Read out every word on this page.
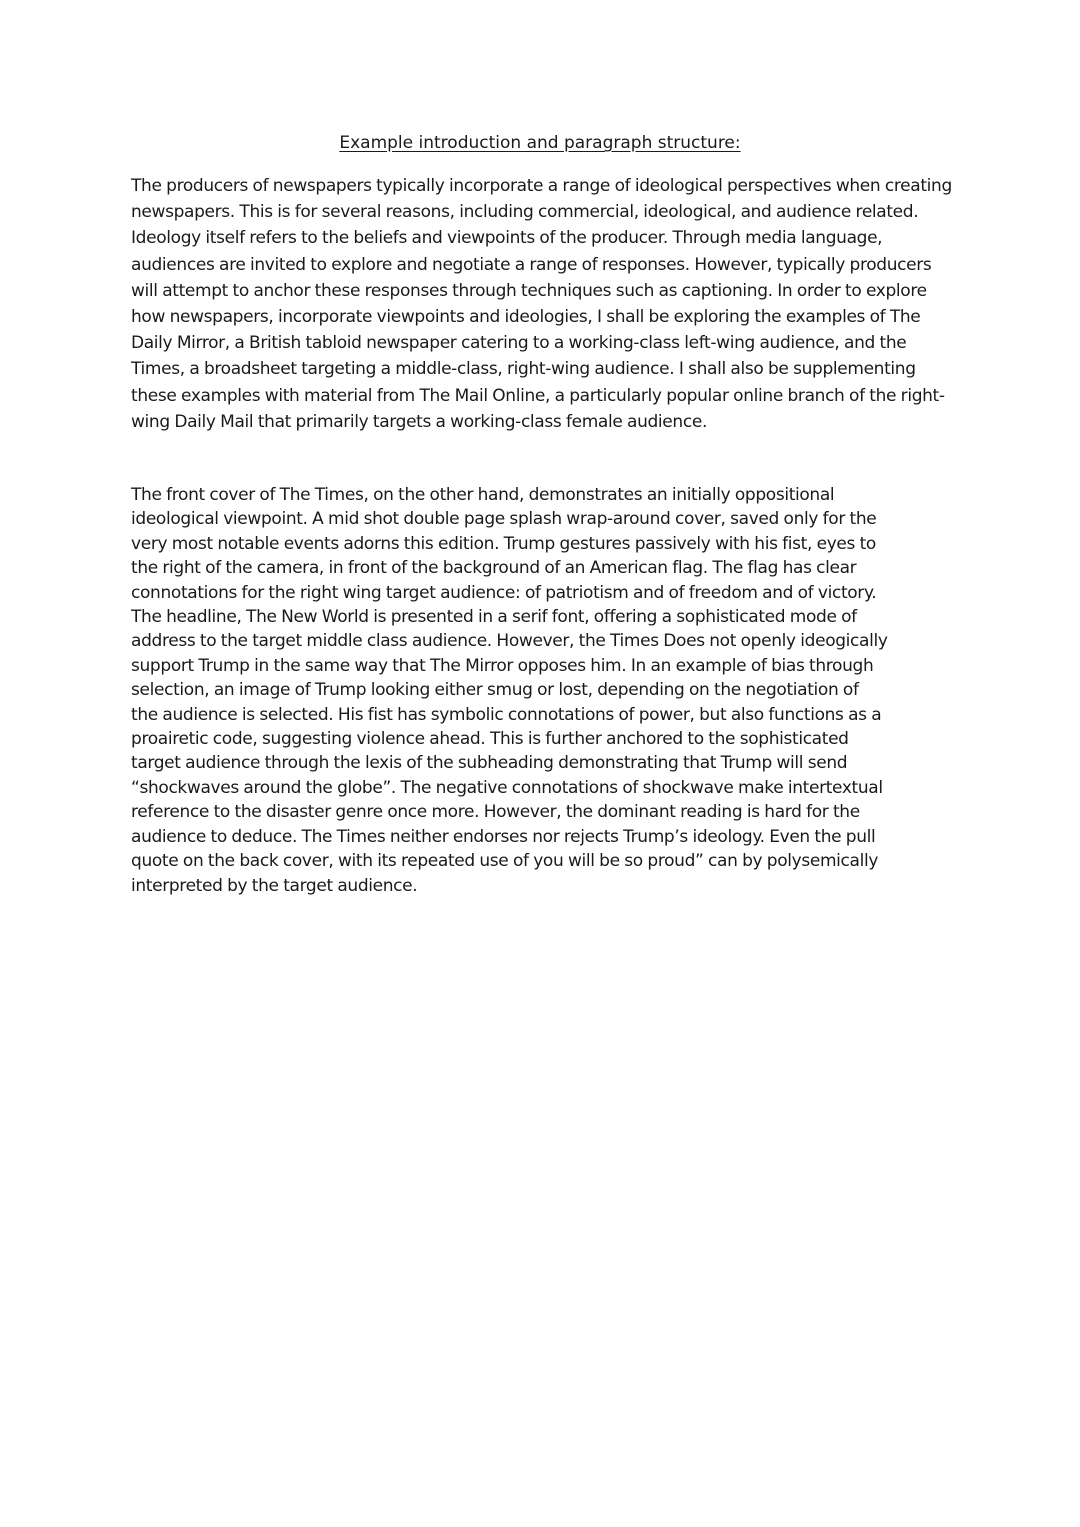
Example introduction and paragraph structure:

The producers of newspapers typically incorporate a range of ideological perspectives when creating
newspapers. This is for several reasons, including commercial, ideological, and audience related.
Ideology itself refers to the beliefs and viewpoints of the producer. Through media language,
audiences are invited to explore and negotiate a range of responses. However, typically producers
will attempt to anchor these responses through techniques such as captioning. In order to explore
how newspapers, incorporate viewpoints and ideologies, I shall be exploring the examples of The
Daily Mirror, a British tabloid newspaper catering to a working-class left-wing audience, and the
Times, a broadsheet targeting a middle-class, right-wing audience. I shall also be supplementing
these examples with material from The Mail Online, a particularly popular online branch of the right-
wing Daily Mail that primarily targets a working-class female audience.

The front cover of The Times, on the other hand, demonstrates an initially oppositional
ideological viewpoint. A mid shot double page splash wrap-around cover, saved only for the
very most notable events adorns this edition. Trump gestures passively with his fist, eyes to
the right of the camera, in front of the background of an American flag. The flag has clear
connotations for the right wing target audience: of patriotism and of freedom and of victory.
The headline, The New World is presented in a serif font, offering a sophisticated mode of
address to the target middle class audience. However, the Times Does not openly ideogically
support Trump in the same way that The Mirror opposes him. In an example of bias through
selection, an image of Trump looking either smug or lost, depending on the negotiation of
the audience is selected. His fist has symbolic connotations of power, but also functions as a
proairetic code, suggesting violence ahead. This is further anchored to the sophisticated
target audience through the lexis of the subheading demonstrating that Trump will send
“shockwaves around the globe”. The negative connotations of shockwave make intertextual
reference to the disaster genre once more. However, the dominant reading is hard for the
audience to deduce. The Times neither endorses nor rejects Trump’s ideology. Even the pull
quote on the back cover, with its repeated use of you will be so proud” can by polysemically
interpreted by the target audience.
